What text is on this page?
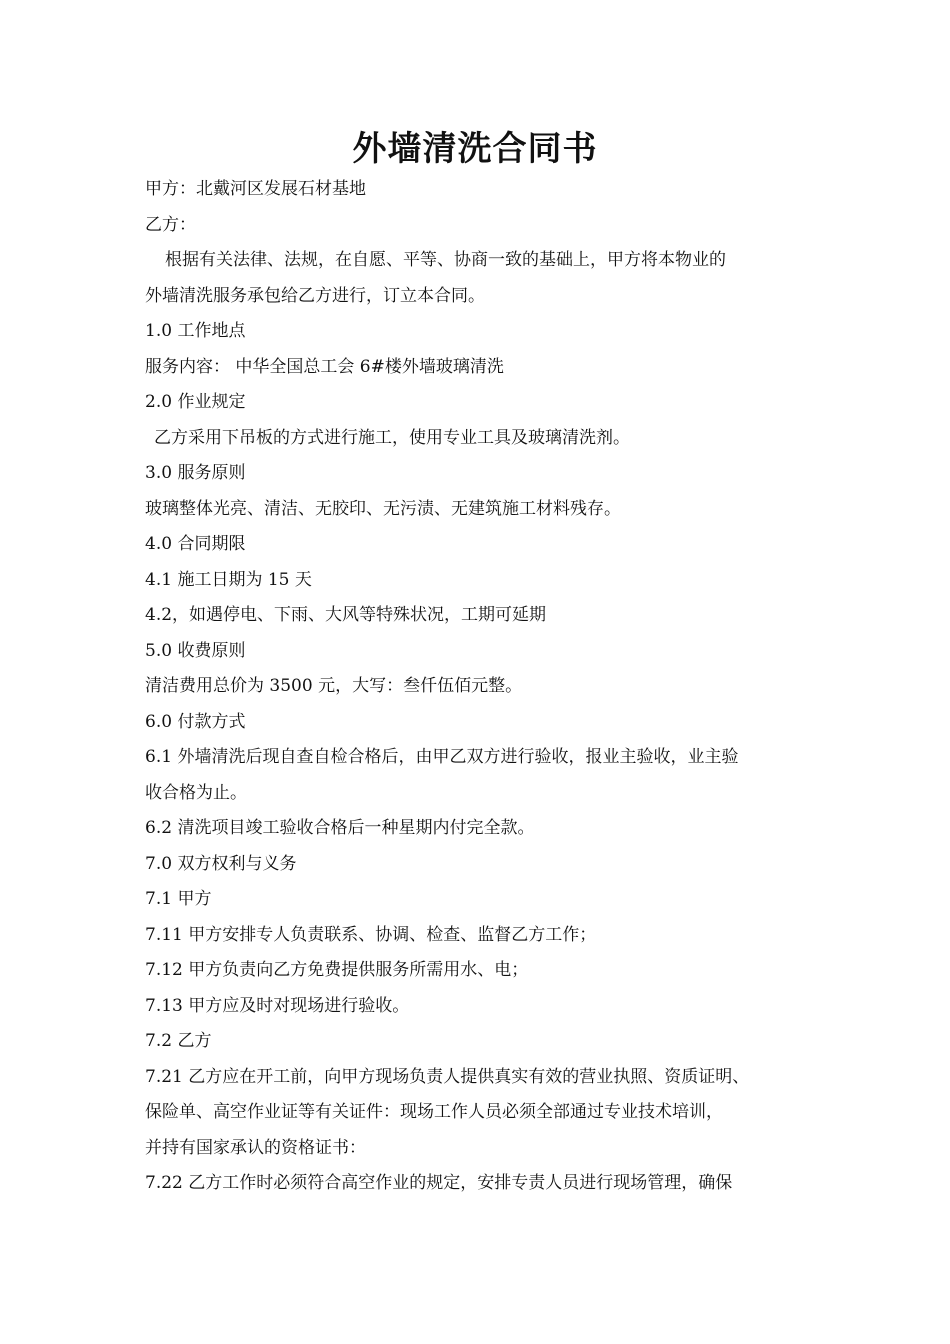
外墙清洗合同书
甲方：北戴河区发展石材基地
乙方：
根据有关法律、法规，在自愿、平等、协商一致的基础上，甲方将本物业的
外墙清洗服务承包给乙方进行，订立本合同。
1.0 工作地点
服务内容： 中华全国总工会 6#楼外墙玻璃清洗
2.0 作业规定
乙方采用下吊板的方式进行施工，使用专业工具及玻璃清洗剂。
3.0 服务原则
玻璃整体光亮、清洁、无胶印、无污渍、无建筑施工材料残存。
4.0 合同期限
4.1 施工日期为 15 天
4.2，如遇停电、下雨、大风等特殊状况，工期可延期
5.0 收费原则
清洁费用总价为 3500 元，大写：叁仟伍佰元整。
6.0 付款方式
6.1 外墙清洗后现自查自检合格后，由甲乙双方进行验收，报业主验收，业主验
收合格为止。
6.2 清洗项目竣工验收合格后一种星期内付完全款。
7.0 双方权利与义务
7.1 甲方
7.11 甲方安排专人负责联系、协调、检查、监督乙方工作；
7.12 甲方负责向乙方免费提供服务所需用水、电；
7.13 甲方应及时对现场进行验收。
7.2 乙方
7.21 乙方应在开工前，向甲方现场负责人提供真实有效的营业执照、资质证明、
保险单、高空作业证等有关证件：现场工作人员必须全部通过专业技术培训，
并持有国家承认的资格证书：
7.22 乙方工作时必须符合高空作业的规定，安排专责人员进行现场管理，确保
